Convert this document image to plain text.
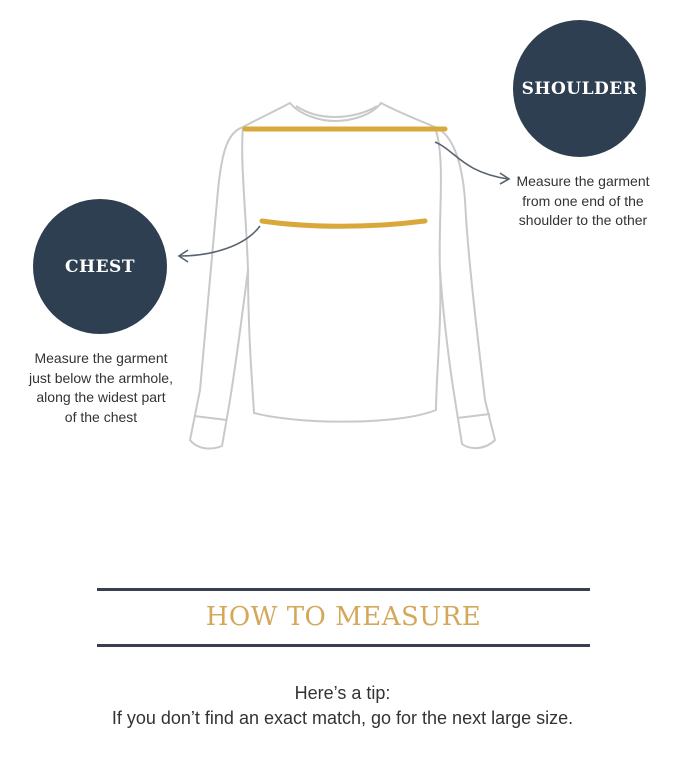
SHOULDER
CHEST
Measure the garment
from one end of the
shoulder to the other
Measure the garment
just below the armhole,
along the widest part
of the chest
HOW TO MEASURE
Here’s a tip:
If you don’t find an exact match, go for the next large size.
